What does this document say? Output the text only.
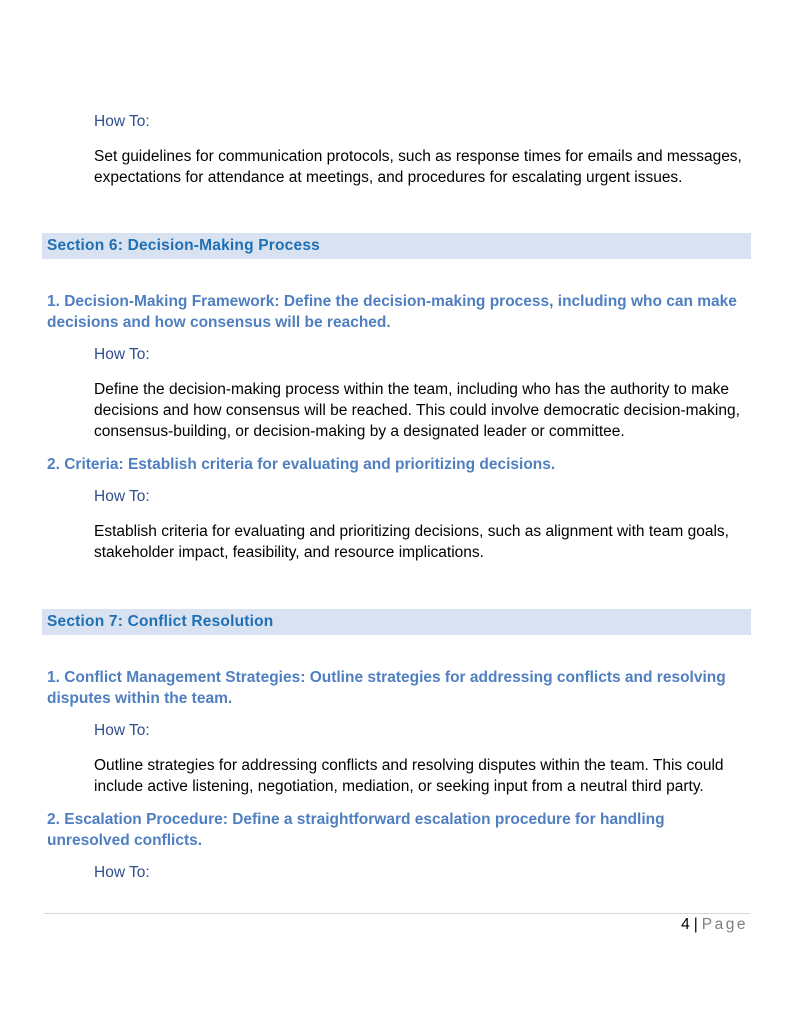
How To:

Set guidelines for communication protocols, such as response times for emails and messages, expectations for attendance at meetings, and procedures for escalating urgent issues.

Section 6: Decision-Making Process

1. Decision-Making Framework: Define the decision-making process, including who can make decisions and how consensus will be reached.

How To:

Define the decision-making process within the team, including who has the authority to make decisions and how consensus will be reached. This could involve democratic decision-making, consensus-building, or decision-making by a designated leader or committee.

2. Criteria: Establish criteria for evaluating and prioritizing decisions.

How To:

Establish criteria for evaluating and prioritizing decisions, such as alignment with team goals, stakeholder impact, feasibility, and resource implications.

Section 7: Conflict Resolution

1. Conflict Management Strategies: Outline strategies for addressing conflicts and resolving disputes within the team.

How To:

Outline strategies for addressing conflicts and resolving disputes within the team. This could include active listening, negotiation, mediation, or seeking input from a neutral third party.

2. Escalation Procedure: Define a straightforward escalation procedure for handling unresolved conflicts.

How To:
4 | Page
